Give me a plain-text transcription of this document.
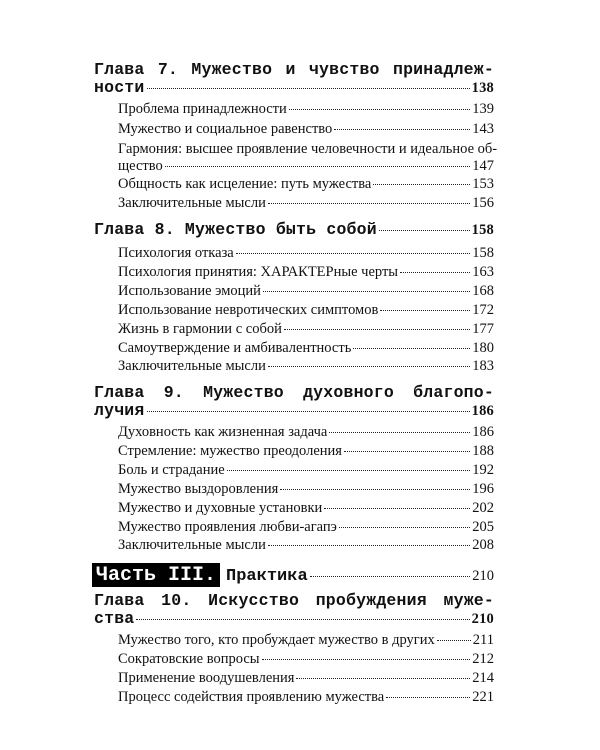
Глава 7. Мужество и чувство принадлеж-
ности	138
Проблема принадлежности	139
Мужество и социальное равенство	143
Гармония: высшее проявление человечности и идеальное об-
щество	147
Общность как исцеление: путь мужества	153
Заключительные мысли	156
Глава 8. Мужество быть собой	158
Психология отказа	158
Психология принятия: ХАРАКТЕРные черты	163
Использование эмоций	168
Использование невротических симптомов	172
Жизнь в гармонии с собой	177
Самоутверждение и амбивалентность	180
Заключительные мысли	183
Глава 9. Мужество духовного благопо-
лучия	186
Духовность как жизненная задача	186
Стремление: мужество преодоления	188
Боль и страдание	192
Мужество выздоровления	196
Мужество и духовные установки	202
Мужество проявления любви-агапэ	205
Заключительные мысли	208
Часть III. Практика	210
Глава 10. Искусство пробуждения муже-
ства	210
Мужество того, кто пробуждает мужество в других	211
Сократовские вопросы	212
Применение воодушевления	214
Процесс содействия проявлению мужества	221
